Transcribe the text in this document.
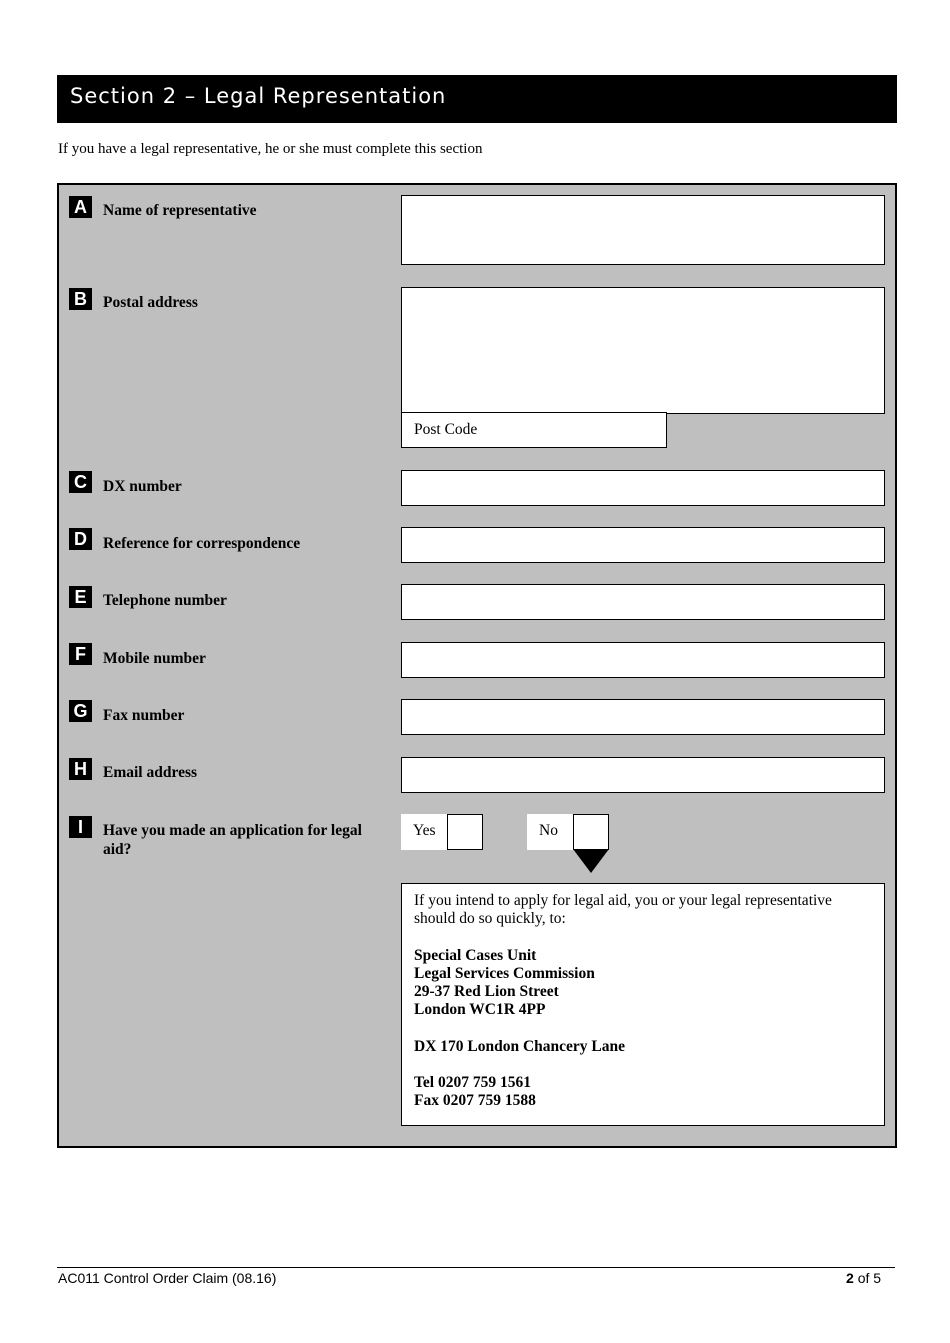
Section 2 – Legal Representation
If you have a legal representative, he or she must complete this section
A	Name of representative
B	Postal address
Post Code
C	DX number
D	Reference for correspondence
E	Telephone number
F	Mobile number
G Fax number
H	Email address
I	Have you made an application for legal
aid?
Yes	No

If you intend to apply for legal aid, you or your legal representative

should do so quickly, to:

Special Cases Unit
Legal Services Commission
29-37 Red Lion Street
London WC1R 4PP
DX 170 London Chancery Lane
Tel 0207 759 1561
Fax 0207 759 1588
AC011 Control Order Claim (08.16)	2 of 5
